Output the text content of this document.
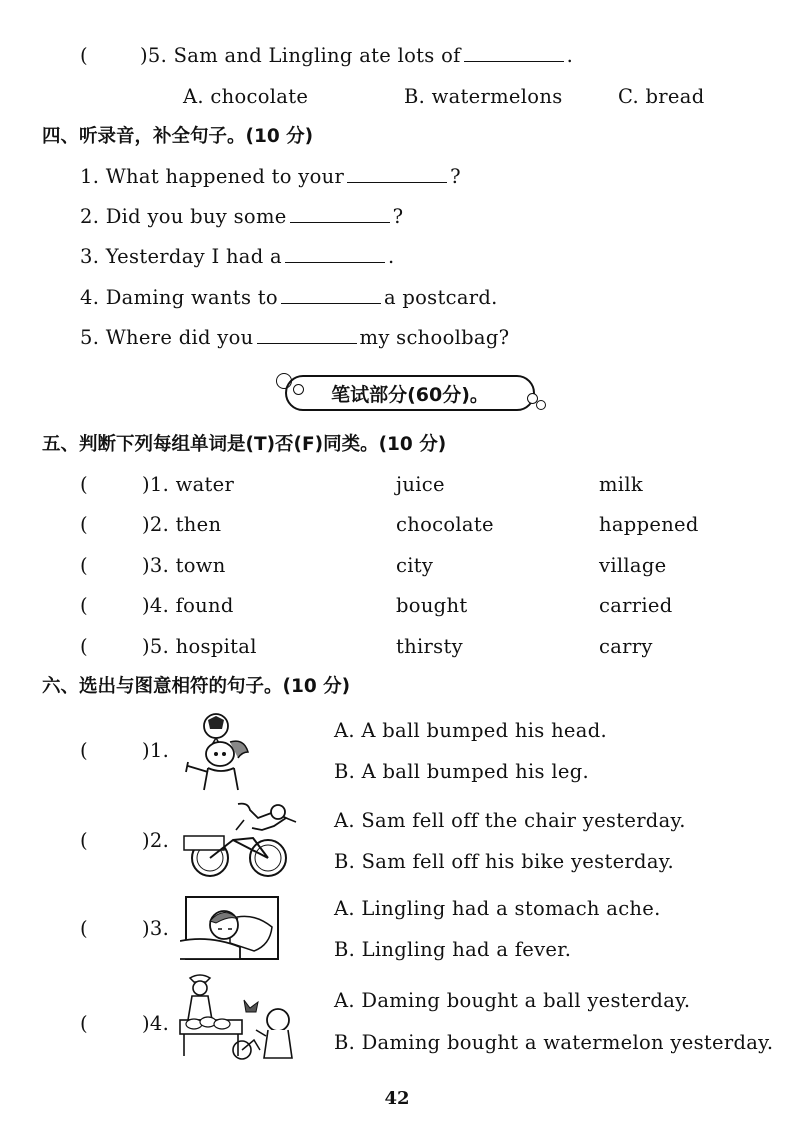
(	)5. Sam and Lingling ate lots of	.
A. chocolate	B. watermelons	C. bread
四、听录音，补全句子。(10 分)
1. What happened to your	?
2. Did you buy some	?
3. Yesterday I had a	.
4. Daming wants to	a postcard.
5. Where did you	my schoolbag?
笔试部分(60分)。
五、判断下列每组单词是(T)否(F)同类。(10 分)
(	)1. water	juice	milk
(	)2. then	chocolate	happened
(	)3. town	city	village
(	)4. found	bought	carried
(	)5. hospital	thirsty	carry
六、选出与图意相符的句子。(10 分)
(	)1.
A. A ball bumped his head.
B. A ball bumped his leg.
(	)2.
A. Sam fell off the chair yesterday.
B. Sam fell off his bike yesterday.
(	)3.
A. Lingling had a stomach ache.
B. Lingling had a fever.
(	)4.
A. Daming bought a ball yesterday.
B. Daming bought a watermelon yesterday.
42
